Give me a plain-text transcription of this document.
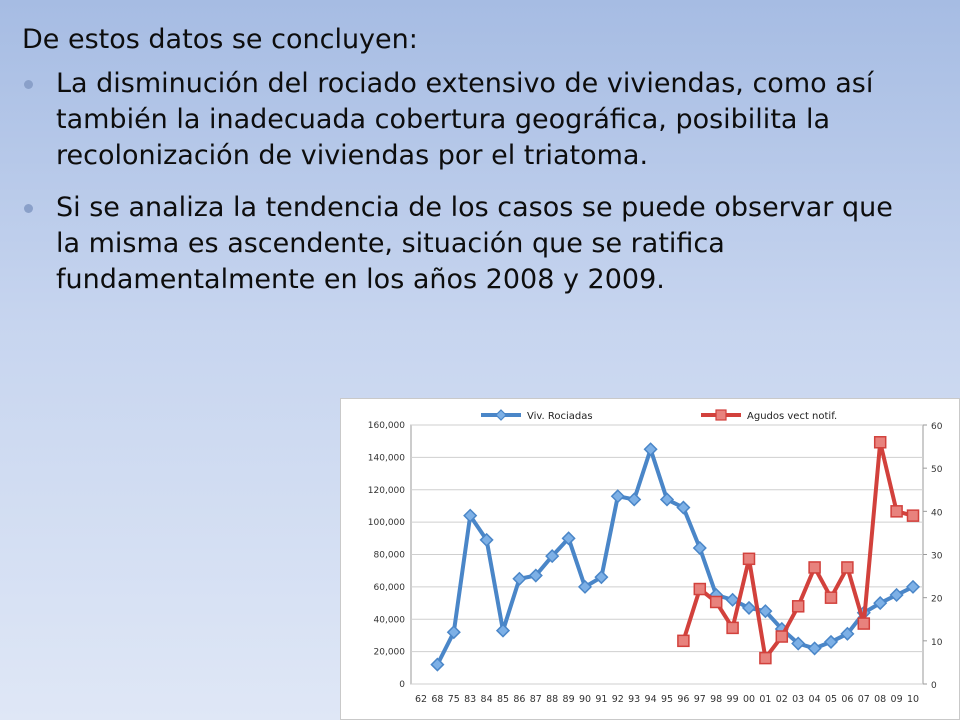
De estos datos se concluyen:

La disminución del rociado extensivo de viviendas, como así también la inadecuada cobertura geográfica, posibilita la recolonización de viviendas por el triatoma.
Si se analiza la tendencia de los casos se puede observar que la misma es ascendente, situación que se ratifica fundamentalmente en los años 2008 y 2009.
0
20,000
40,000
60,000
80,000
100,000
120,000
140,000
160,000
0
10
20
30
40
50
60
62 68 75 83 84 85 86 87 88 89 90 91 92 93 94 95 96 97 98 99 00 01 02 03 04 05 06 07 08 09 10
Viv. Rociadas	Agudos vect notif.
